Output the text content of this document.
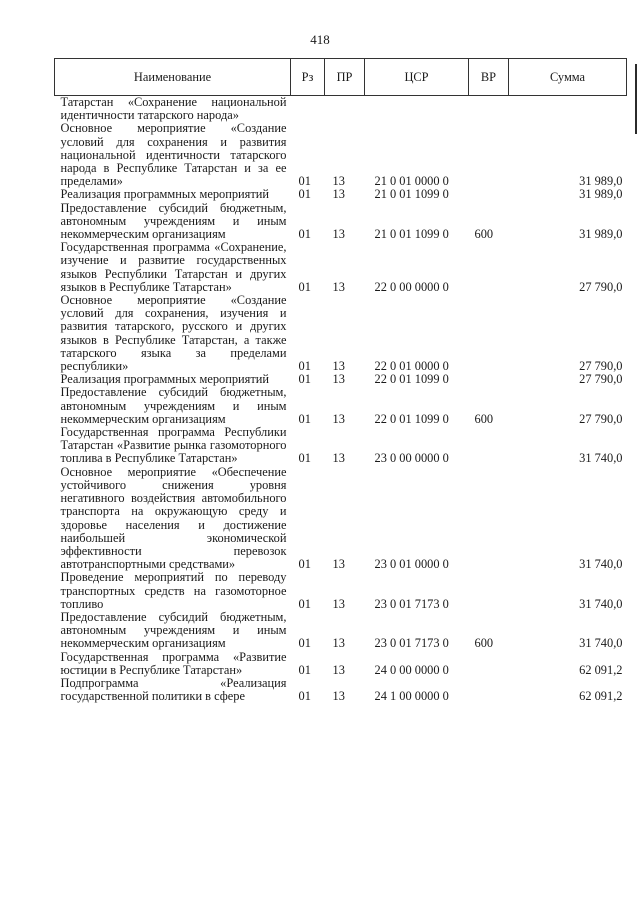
418
Наименование	Рз	ПР	ЦСР	ВР	Сумма
Татарстан «Сохранение национальной идентичности татарского народа»					
Основное мероприятие «Создание условий для сохранения и развития национальной идентичности татарского народа в Республике Татарстан и за ее пределами»	01	13	21 0 01 0000 0		31 989,0
Реализация программных мероприятий	01	13	21 0 01 1099 0		31 989,0
Предоставление субсидий бюджетным, автономным учреждениям и иным некоммерческим организациям	01	13	21 0 01 1099 0	600	31 989,0
Государственная программа «Сохранение, изучение и развитие государственных языков Республики Татарстан и других языков в Республике Татарстан»	01	13	22 0 00 0000 0		27 790,0
Основное мероприятие «Создание условий для сохранения, изучения и развития татарского, русского и других языков в Республике Татарстан, а также татарского языка за пределами республики»	01	13	22 0 01 0000 0		27 790,0
Реализация программных мероприятий	01	13	22 0 01 1099 0		27 790,0
Предоставление субсидий бюджетным, автономным учреждениям и иным некоммерческим организациям	01	13	22 0 01 1099 0	600	27 790,0
Государственная программа Республики Татарстан «Развитие рынка газомоторного топлива в Республике Татарстан»	01	13	23 0 00 0000 0		31 740,0
Основное мероприятие «Обеспечение устойчивого снижения уровня негативного воздействия автомобильного транспорта на окружающую среду и здоровье населения и достижение наибольшей экономической эффективности перевозок автотранспортными средствами»	01	13	23 0 01 0000 0		31 740,0
Проведение мероприятий по переводу транспортных средств на газомоторное топливо	01	13	23 0 01 7173 0		31 740,0
Предоставление субсидий бюджетным, автономным учреждениям и иным некоммерческим организациям	01	13	23 0 01 7173 0	600	31 740,0
Государственная программа «Развитие юстиции в Республике Татарстан»	01	13	24 0 00 0000 0		62 091,2
Подпрограмма «Реализация государственной политики в сфере	01	13	24 1 00 0000 0		62 091,2
